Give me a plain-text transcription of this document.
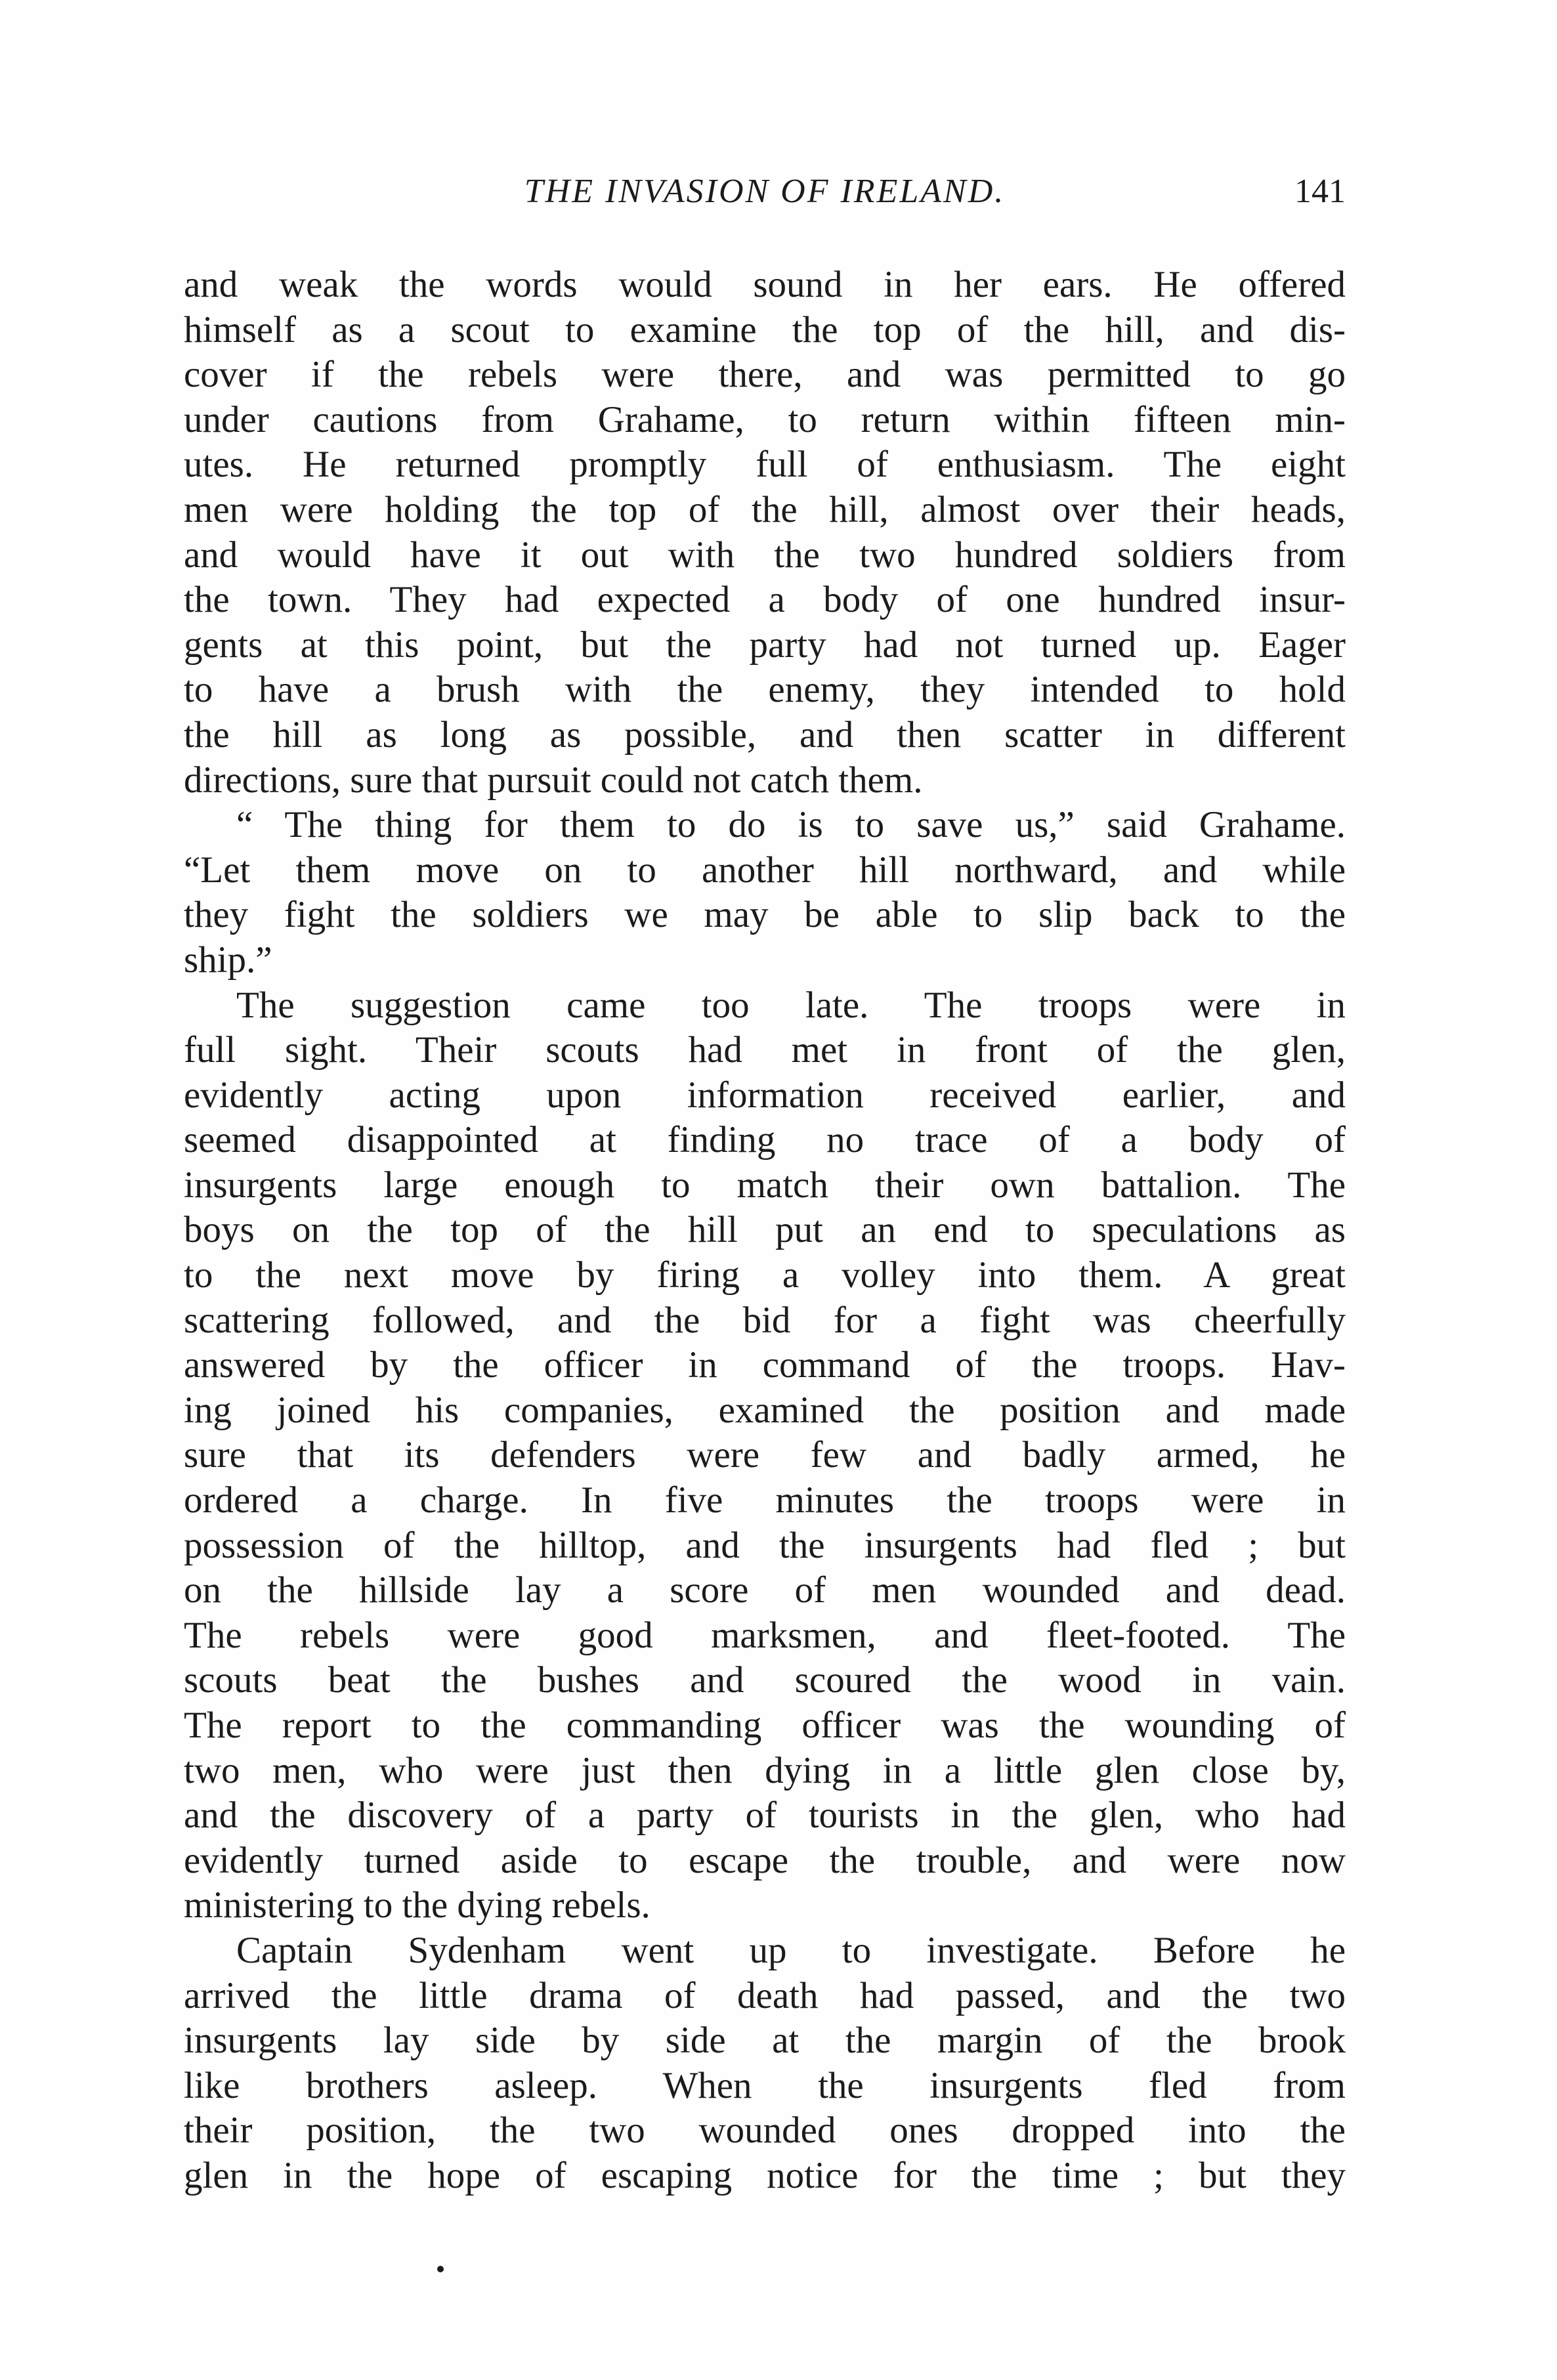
THE INVASION OF IRELAND.	141
and weak the words would sound in her ears. He offered
himself as a scout to examine the top of the hill, and dis-
cover if the rebels were there, and was permitted to go
under cautions from Grahame, to return within fifteen min-
utes. He returned promptly full of enthusiasm. The eight
men were holding the top of the hill, almost over their heads,
and would have it out with the two hundred soldiers from
the town. They had expected a body of one hundred insur-
gents at this point, but the party had not turned up. Eager
to have a brush with the enemy, they intended to hold
the hill as long as possible, and then scatter in different
directions, sure that pursuit could not catch them.
“ The thing for them to do is to save us,” said Grahame.
“Let them move on to another hill northward, and while
they fight the soldiers we may be able to slip back to the
ship.”
The suggestion came too late. The troops were in
full sight. Their scouts had met in front of the glen,
evidently acting upon information received earlier, and
seemed disappointed at finding no trace of a body of
insurgents large enough to match their own battalion. The
boys on the top of the hill put an end to speculations as
to the next move by firing a volley into them. A great
scattering followed, and the bid for a fight was cheerfully
answered by the officer in command of the troops. Hav-
ing joined his companies, examined the position and made
sure that its defenders were few and badly armed, he
ordered a charge. In five minutes the troops were in
possession of the hilltop, and the insurgents had fled ; but
on the hillside lay a score of men wounded and dead.
The rebels were good marksmen, and fleet-footed. The
scouts beat the bushes and scoured the wood in vain.
The report to the commanding officer was the wounding of
two men, who were just then dying in a little glen close by,
and the discovery of a party of tourists in the glen, who had
evidently turned aside to escape the trouble, and were now
ministering to the dying rebels.
Captain Sydenham went up to investigate. Before he
arrived the little drama of death had passed, and the two
insurgents lay side by side at the margin of the brook
like brothers asleep. When the insurgents fled from
their position, the two wounded ones dropped into the
glen in the hope of escaping notice for the time ; but they
